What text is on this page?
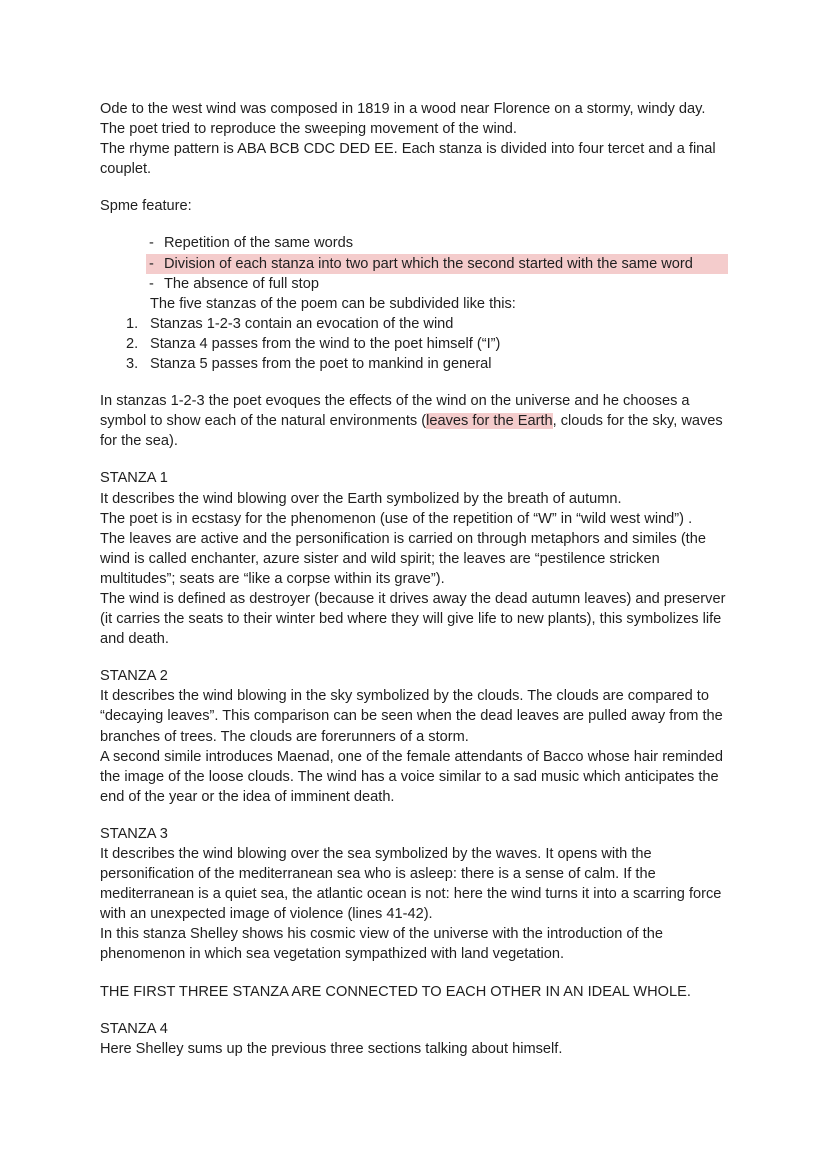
Ode to the west wind was composed in 1819 in a wood near Florence on a stormy, windy day. The poet tried to reproduce the sweeping movement of the wind.

The rhyme pattern is ABA BCB CDC DED EE. Each stanza is divided into four tercet and a final couplet.

Spme feature:

- Repetition of the same words
- Division of each stanza into two part which the second started with the same word
- The absence of full stop

The five stanzas of the poem can be subdivided like this:

1. Stanzas 1-2-3 contain an evocation of the wind
2. Stanza 4 passes from the wind to the poet himself (“I”)
3. Stanza 5 passes from the poet to mankind in general

In stanzas 1-2-3 the poet evoques the effects of the wind on the universe and he chooses a symbol to show each of the natural environments (leaves for the Earth, clouds for the sky, waves for the sea).

STANZA 1

It describes the wind blowing over the Earth symbolized by the breath of autumn.

The poet is in ecstasy for the phenomenon (use of the repetition of “W” in “wild west wind”) .

The leaves are active and the personification is carried on through metaphors and similes (the wind is called enchanter, azure sister and wild spirit; the leaves are “pestilence stricken multitudes”; seats are “like a corpse within its grave”).

The wind is defined as destroyer (because it drives away the dead autumn leaves) and preserver (it carries the seats to their winter bed where they will give life to new plants), this symbolizes life and death.

STANZA 2

It describes the wind blowing in the sky symbolized by the clouds. The clouds are compared to “decaying leaves”. This comparison can be seen when the dead leaves are pulled away from the branches of trees. The clouds are forerunners of a storm.

A second simile introduces Maenad, one of the female attendants of Bacco whose hair reminded the image of the loose clouds. The wind has a voice similar to a sad music which anticipates the end of the year or the idea of imminent death.

STANZA 3

It describes the wind blowing over the sea symbolized by the waves. It opens with the personification of the mediterranean sea who is asleep: there is a sense of calm. If the mediterranean is a quiet sea, the atlantic ocean is not: here the wind turns it into a scarring force with an unexpected image of violence (lines 41-42).

In this stanza Shelley shows his cosmic view of the universe with the introduction of the phenomenon in which sea vegetation sympathized with land vegetation.

THE FIRST THREE STANZA ARE CONNECTED TO EACH OTHER IN AN IDEAL WHOLE.

STANZA 4

Here Shelley sums up the previous three sections talking about himself.
